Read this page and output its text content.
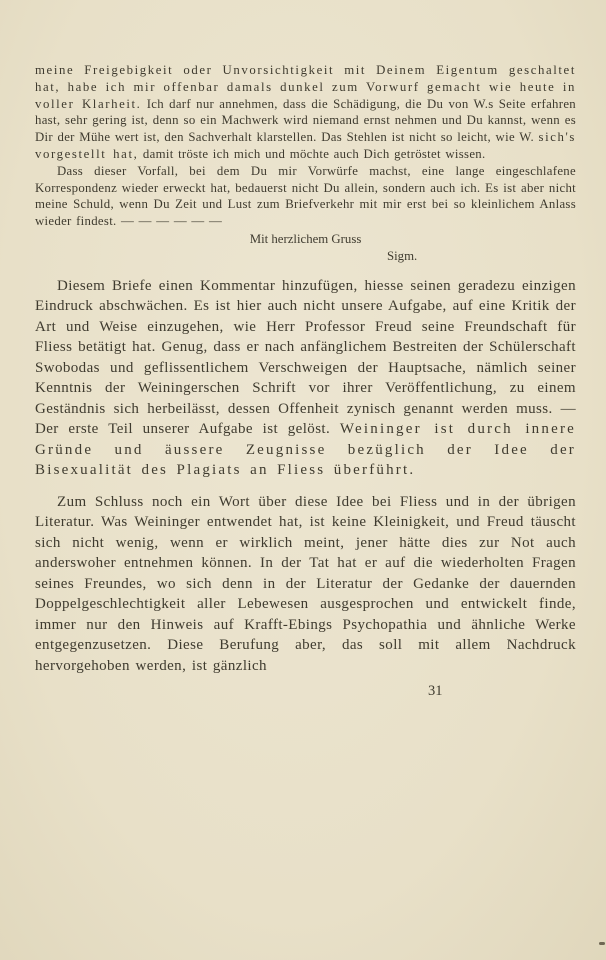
meine Freigebigkeit oder Unvorsichtigkeit mit Deinem Eigentum geschaltet hat, habe ich mir offenbar damals dunkel zum Vorwurf gemacht wie heute in voller Klarheit. Ich darf nur annehmen, dass die Schädigung, die Du von W.s Seite erfahren hast, sehr gering ist, denn so ein Machwerk wird niemand ernst nehmen und Du kannst, wenn es Dir der Mühe wert ist, den Sachverhalt klarstellen. Das Stehlen ist nicht so leicht, wie W. sich's vorgestellt hat, damit tröste ich mich und möchte auch Dich getröstet wissen.

Dass dieser Vorfall, bei dem Du mir Vorwürfe machst, eine lange eingeschlafene Korrespondenz wieder erweckt hat, bedauerst nicht Du allein, sondern auch ich. Es ist aber nicht meine Schuld, wenn Du Zeit und Lust zum Briefverkehr mit mir erst bei so kleinlichem Anlass wieder findest. — — — — — —

Mit herzlichem Gruss

Sigm.

Diesem Briefe einen Kommentar hinzufügen, hiesse seinen geradezu einzigen Eindruck abschwächen. Es ist hier auch nicht unsere Aufgabe, auf eine Kritik der Art und Weise einzugehen, wie Herr Professor Freud seine Freundschaft für Fliess betätigt hat. Genug, dass er nach anfänglichem Bestreiten der Schülerschaft Swobodas und geflissentlichem Verschweigen der Hauptsache, nämlich seiner Kenntnis der Weiningerschen Schrift vor ihrer Veröffentlichung, zu einem Geständnis sich herbeilässt, dessen Offenheit zynisch genannt werden muss. — Der erste Teil unserer Aufgabe ist gelöst. Weininger ist durch innere Gründe und äussere Zeugnisse bezüglich der Idee der Bisexualität des Plagiats an Fliess überführt.

Zum Schluss noch ein Wort über diese Idee bei Fliess und in der übrigen Literatur. Was Weininger entwendet hat, ist keine Kleinigkeit, und Freud täuscht sich nicht wenig, wenn er wirklich meint, jener hätte dies zur Not auch anderswoher entnehmen können. In der Tat hat er auf die wiederholten Fragen seines Freundes, wo sich denn in der Literatur der Gedanke der dauernden Doppelgeschlechtigkeit aller Lebewesen ausgesprochen und entwickelt finde, immer nur den Hinweis auf Krafft-Ebings Psychopathia und ähnliche Werke entgegenzusetzen. Diese Berufung aber, das soll mit allem Nachdruck hervorgehoben werden, ist gänzlich

31
